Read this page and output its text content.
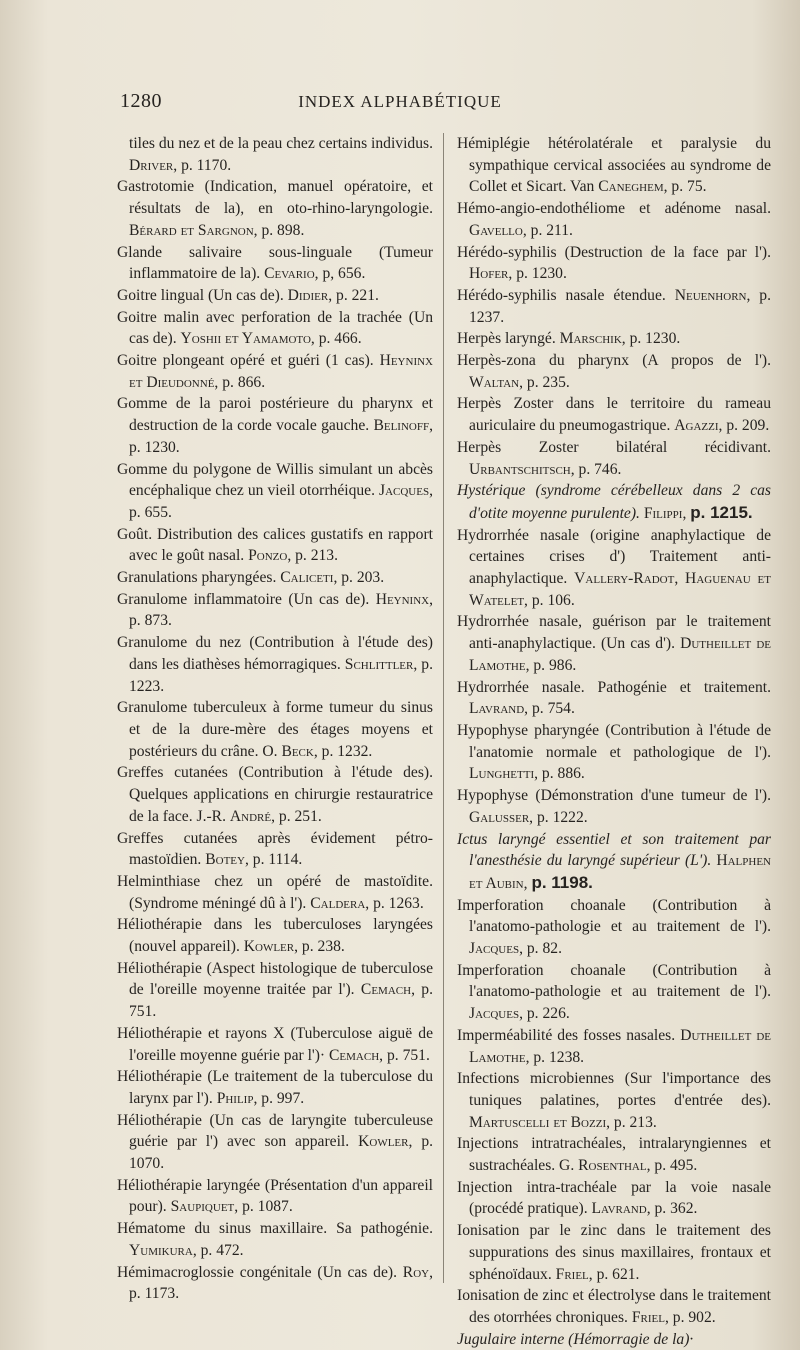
1280	INDEX ALPHABÉTIQUE

tiles du nez et de la peau chez certains individus. Driver, p. 1170.

Gastrotomie (Indication, manuel opératoire, et résultats de la), en oto-rhino-laryngologie. Bérard et Sargnon, p. 898.

Glande salivaire sous-linguale (Tumeur inflammatoire de la). Cevario, p, 656.

Goitre lingual (Un cas de). Didier, p. 221.

Goitre malin avec perforation de la trachée (Un cas de). Yoshii et Yamamoto, p. 466.

Goitre plongeant opéré et guéri (1 cas). Heyninx et Dieudonné, p. 866.

Gomme de la paroi postérieure du pharynx et destruction de la corde vocale gauche. Belinoff, p. 1230.

Gomme du polygone de Willis simulant un abcès encéphalique chez un vieil otorrhéique. Jacques, p. 655.

Goût. Distribution des calices gustatifs en rapport avec le goût nasal. Ponzo, p. 213.

Granulations pharyngées. Caliceti, p. 203.

Granulome inflammatoire (Un cas de). Heyninx, p. 873.

Granulome du nez (Contribution à l'étude des) dans les diathèses hémorragiques. Schlittler, p. 1223.

Granulome tuberculeux à forme tumeur du sinus et de la dure-mère des étages moyens et postérieurs du crâne. O. Beck, p. 1232.

Greffes cutanées (Contribution à l'étude des). Quelques applications en chirurgie restauratrice de la face. J.-R. André, p. 251.

Greffes cutanées après évidement pétro-mastoïdien. Botey, p. 1114.

Helminthiase chez un opéré de mastoïdite. (Syndrome méningé dû à l'). Caldera, p. 1263.

Héliothérapie dans les tuberculoses laryngées (nouvel appareil). Kowler, p. 238.

Héliothérapie (Aspect histologique de tuberculose de l'oreille moyenne traitée par l'). Cemach, p. 751.

Héliothérapie et rayons X (Tuberculose aiguë de l'oreille moyenne guérie par l')· Cemach, p. 751.

Héliothérapie (Le traitement de la tuberculose du larynx par l'). Philip, p. 997.

Héliothérapie (Un cas de laryngite tuberculeuse guérie par l') avec son appareil. Kowler, p. 1070.

Héliothérapie laryngée (Présentation d'un appareil pour). Saupiquet, p. 1087.

Hématome du sinus maxillaire. Sa pathogénie. Yumikura, p. 472.

Hémimacroglossie congénitale (Un cas de). Roy, p. 1173.

Hémiplégie hétérolatérale et paralysie du sympathique cervical associées au syndrome de Collet et Sicart. Van Caneghem, p. 75.

Hémo-angio-endothéliome et adénome nasal. Gavello, p. 211.

Hérédo-syphilis (Destruction de la face par l'). Hofer, p. 1230.

Hérédo-syphilis nasale étendue. Neuenhorn, p. 1237.

Herpès laryngé. Marschik, p. 1230.

Herpès-zona du pharynx (A propos de l'). Waltan, p. 235.

Herpès Zoster dans le territoire du rameau auriculaire du pneumogastrique. Agazzi, p. 209.

Herpès Zoster bilatéral récidivant. Urbantschitsch, p. 746.

Hystérique (syndrome cérébelleux dans 2 cas d'otite moyenne purulente). Filippi, p. 1215.

Hydrorrhée nasale (origine anaphylactique de certaines crises d') Traitement anti-anaphylactique. Vallery-Radot, Haguenau et Watelet, p. 106.

Hydrorrhée nasale, guérison par le traitement anti-anaphylactique. (Un cas d'). Dutheillet de Lamothe, p. 986.

Hydrorrhée nasale. Pathogénie et traitement. Lavrand, p. 754.

Hypophyse pharyngée (Contribution à l'étude de l'anatomie normale et pathologique de l'). Lunghetti, p. 886.

Hypophyse (Démonstration d'une tumeur de l'). Galusser, p. 1222.

Ictus laryngé essentiel et son traitement par l'anesthésie du laryngé supérieur (L'). Halphen et Aubin, p. 1198.

Imperforation choanale (Contribution à l'anatomo-pathologie et au traitement de l'). Jacques, p. 82.

Imperforation choanale (Contribution à l'anatomo-pathologie et au traitement de l'). Jacques, p. 226.

Imperméabilité des fosses nasales. Dutheillet de Lamothe, p. 1238.

Infections microbiennes (Sur l'importance des tuniques palatines, portes d'entrée des). Martuscelli et Bozzi, p. 213.

Injections intratrachéales, intralaryngiennes et sustrachéales. G. Rosenthal, p. 495.

Injection intra-trachéale par la voie nasale (procédé pratique). Lavrand, p. 362.

Ionisation par le zinc dans le traitement des suppurations des sinus maxillaires, frontaux et sphénoïdaux. Friel, p. 621.

Ionisation de zinc et électrolyse dans le traitement des otorrhées chroniques. Friel, p. 902.

Jugulaire interne (Hémorragie de la)·
